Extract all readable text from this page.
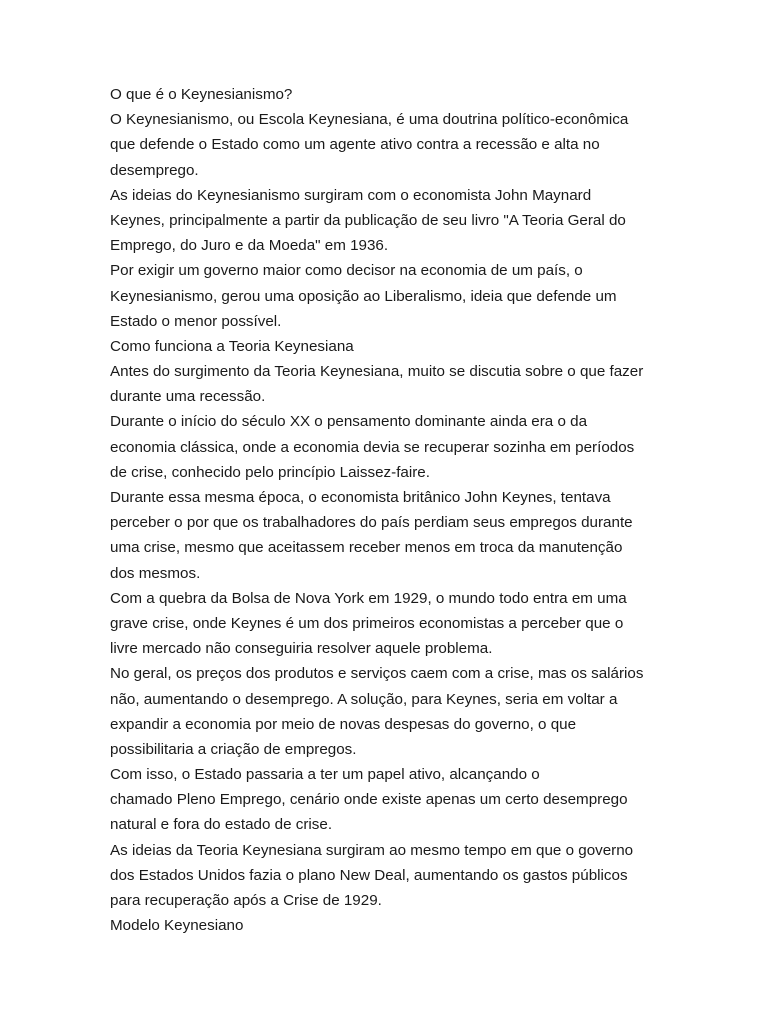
O que é o Keynesianismo?
O Keynesianismo, ou Escola Keynesiana, é uma doutrina político-econômica
que defende o Estado como um agente ativo contra a recessão e alta no
desemprego.
As ideias do Keynesianismo surgiram com o economista John Maynard
Keynes, principalmente a partir da publicação de seu livro "A Teoria Geral do
Emprego, do Juro e da Moeda" em 1936.
Por exigir um governo maior como decisor na economia de um país, o
Keynesianismo, gerou uma oposição ao Liberalismo, ideia que defende um
Estado o menor possível.
Como funciona a Teoria Keynesiana
Antes do surgimento da Teoria Keynesiana, muito se discutia sobre o que fazer
durante uma recessão.
Durante o início do século XX o pensamento dominante ainda era o da
economia clássica, onde a economia devia se recuperar sozinha em períodos
de crise, conhecido pelo princípio Laissez-faire.
Durante essa mesma época, o economista britânico John Keynes, tentava
perceber o por que os trabalhadores do país perdiam seus empregos durante
uma crise, mesmo que aceitassem receber menos em troca da manutenção
dos mesmos.
Com a quebra da Bolsa de Nova York em 1929, o mundo todo entra em uma
grave crise, onde Keynes é um dos primeiros economistas a perceber que o
livre mercado não conseguiria resolver aquele problema.
No geral, os preços dos produtos e serviços caem com a crise, mas os salários
não, aumentando o desemprego. A solução, para Keynes, seria em voltar a
expandir a economia por meio de novas despesas do governo, o que
possibilitaria a criação de empregos.
Com isso, o Estado passaria a ter um papel ativo, alcançando o
chamado Pleno Emprego, cenário onde existe apenas um certo desemprego
natural e fora do estado de crise.
As ideias da Teoria Keynesiana surgiram ao mesmo tempo em que o governo
dos Estados Unidos fazia o plano New Deal, aumentando os gastos públicos
para recuperação após a Crise de 1929.
Modelo Keynesiano
